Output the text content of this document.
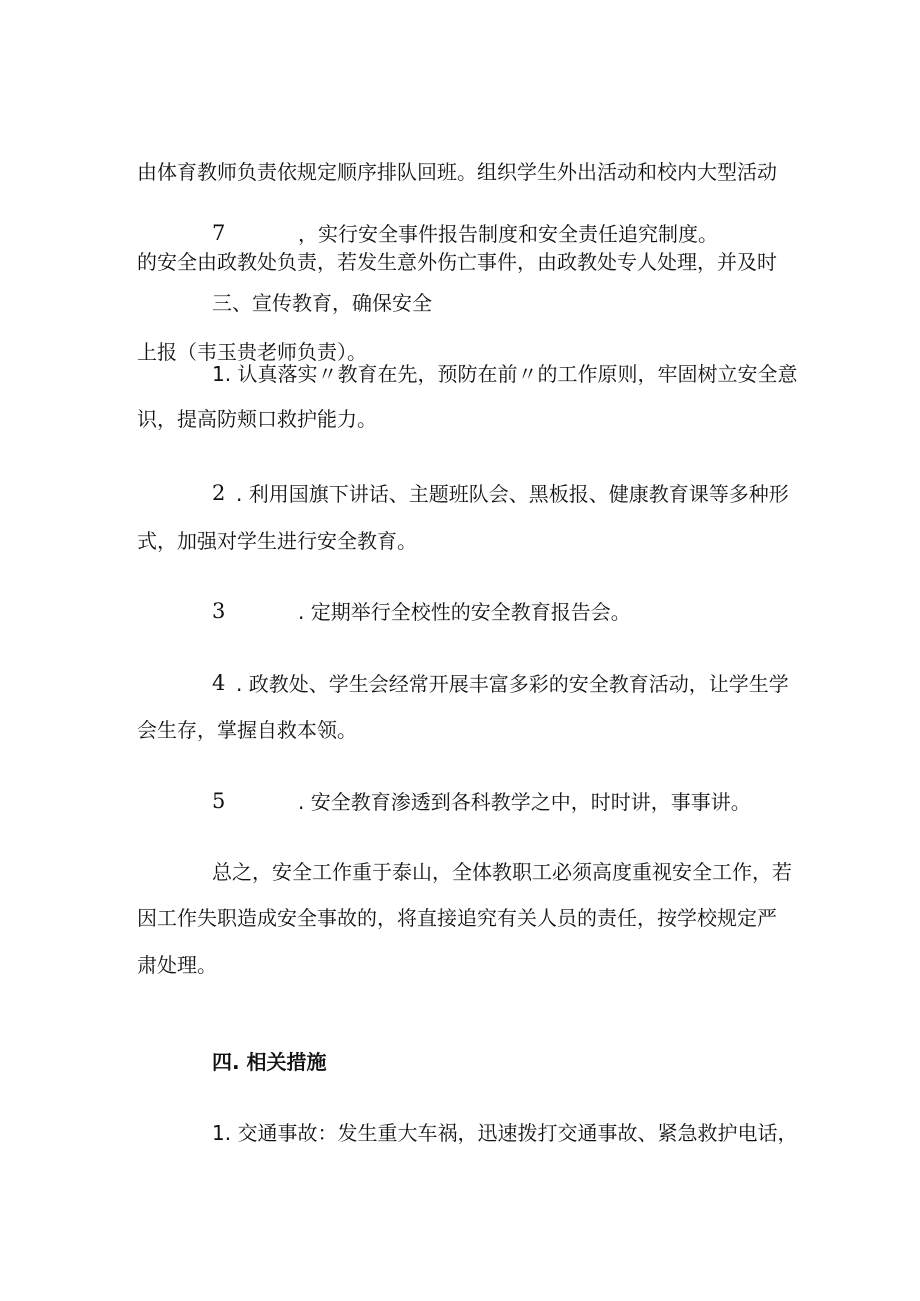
由体育教师负责依规定顺序排队回班。组织学生外出活动和校内大型活动

的安全由政教处负责，若发生意外伤亡事件，由政教处专人处理，并及时

上报（韦玉贵老师负责）。

7	，实行安全事件报告制度和安全责任追究制度。
三、宣传教育，确保安全
1. 认真落实〃教育在先，预防在前〃的工作原则，牢固树立安全意
识，提高防颊口救护能力。
2 . 利用国旗下讲话、主题班队会、黑板报、健康教育课等多种形
式，加强对学生进行安全教育。
3	. 定期举行全校性的安全教育报告会。
4 . 政教处、学生会经常开展丰富多彩的安全教育活动，让学生学
会生存，掌握自救本领。
5	. 安全教育渗透到各科教学之中，时时讲，事事讲。
总之，安全工作重于泰山，全体教职工必须高度重视安全工作，若
因工作失职造成安全事故的，将直接追究有关人员的责任，按学校规定严
肃处理。
四. 相关措施
1. 交通事故：发生重大车祸，迅速拨打交通事故、紧急救护电话，
